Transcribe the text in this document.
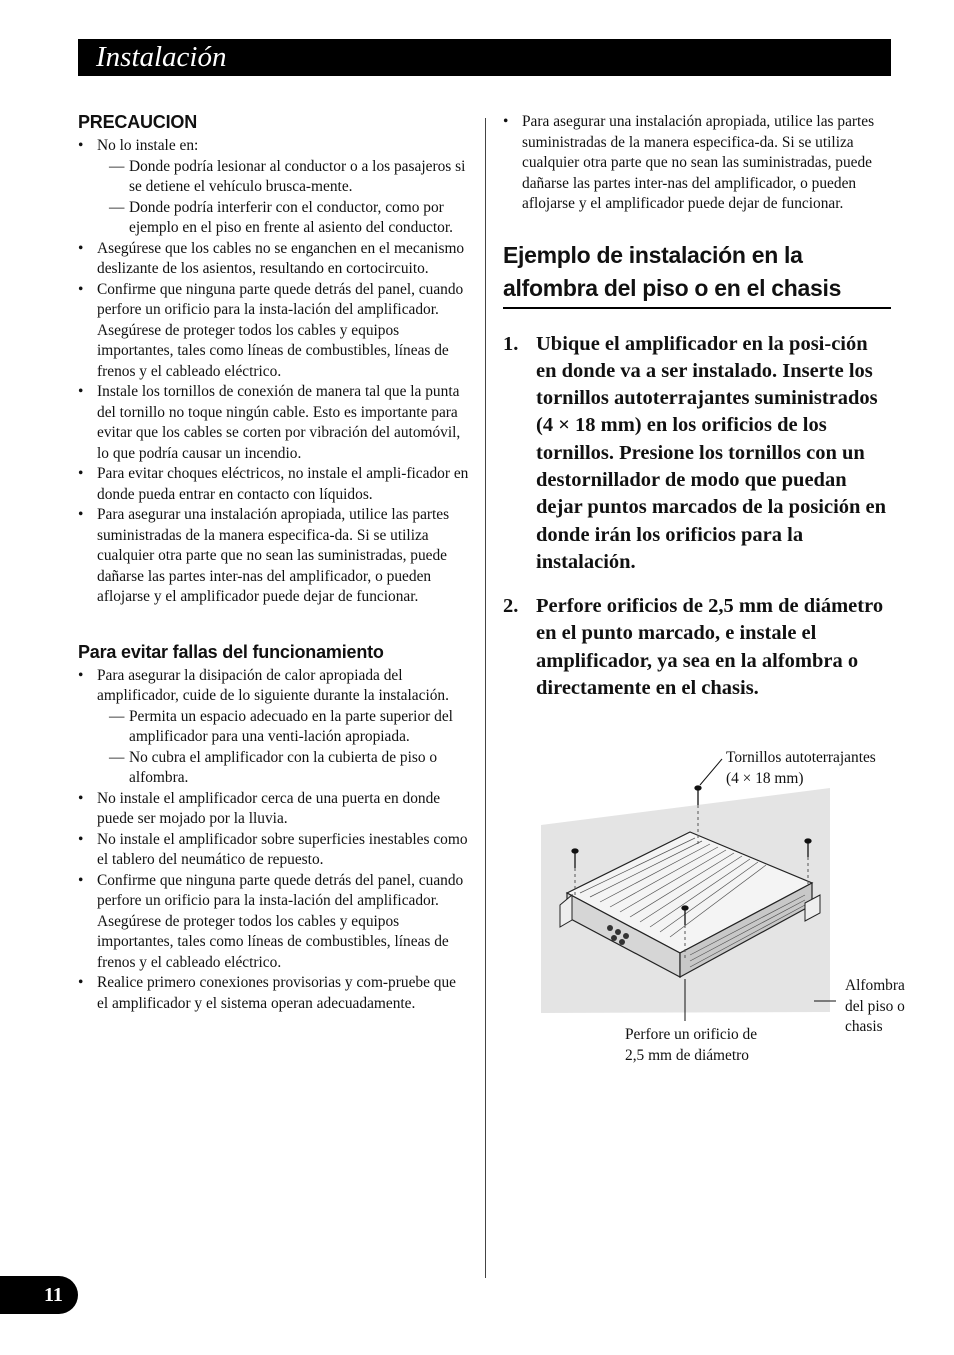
Instalación
PRECAUCION
• No lo instale en:
— Donde podría lesionar al conductor o a los pasajeros si se detiene el vehículo brusca-mente.
— Donde podría interferir con el conductor, como por ejemplo en el piso en frente al asiento del conductor.
• Asegúrese que los cables no se enganchen en el mecanismo deslizante de los asientos, resultando en cortocircuito.
• Confirme que ninguna parte quede detrás del panel, cuando perfore un orificio para la insta-lación del amplificador. Asegúrese de proteger todos los cables y equipos importantes, tales como líneas de combustibles, líneas de frenos y el cableado eléctrico.
• Instale los tornillos de conexión de manera tal que la punta del tornillo no toque ningún cable. Esto es importante para evitar que los cables se corten por vibración del automóvil, lo que podría causar un incendio.
• Para evitar choques eléctricos, no instale el ampli-ficador en donde pueda entrar en contacto con líquidos.
• Para asegurar una instalación apropiada, utilice las partes suministradas de la manera especifica-da. Si se utiliza cualquier otra parte que no sean las suministradas, puede dañarse las partes inter-nas del amplificador, o pueden aflojarse y el amplificador puede dejar de funcionar.
Para evitar fallas del funcionamiento
• Para asegurar la disipación de calor apropiada del amplificador, cuide de lo siguiente durante la instalación.
— Permita un espacio adecuado en la parte superior del amplificador para una venti-lación apropiada.
— No cubra el amplificador con la cubierta de piso o alfombra.
• No instale el amplificador cerca de una puerta en donde puede ser mojado por la lluvia.
• No instale el amplificador sobre superficies inestables como el tablero del neumático de repuesto.
• Confirme que ninguna parte quede detrás del panel, cuando perfore un orificio para la insta-lación del amplificador. Asegúrese de proteger todos los cables y equipos importantes, tales como líneas de combustibles, líneas de frenos y el cableado eléctrico.
• Realice primero conexiones provisorias y com-pruebe que el amplificador y el sistema operan adecuadamente.
• Para asegurar una instalación apropiada, utilice las partes suministradas de la manera especifica-da. Si se utiliza cualquier otra parte que no sean las suministradas, puede dañarse las partes inter-nas del amplificador, o pueden aflojarse y el amplificador puede dejar de funcionar.
Ejemplo de instalación en la alfombra del piso o en el chasis
1. Ubique el amplificador en la posi-ción en donde va a ser instalado. Inserte los tornillos autoterrajantes suministrados (4 × 18 mm) en los orificios de los tornillos. Presione los tornillos con un destornillador de modo que puedan dejar puntos marcados de la posición en donde irán los orificios para la instalación.
2. Perfore orificios de 2,5 mm de diámetro en el punto marcado, e instale el amplificador, ya sea en la alfombra o directamente en el chasis.
Tornillos autoterrajantes
(4 × 18 mm)
Alfombra
del piso o
chasis
Perfore un orificio de
2,5 mm de diámetro
11
